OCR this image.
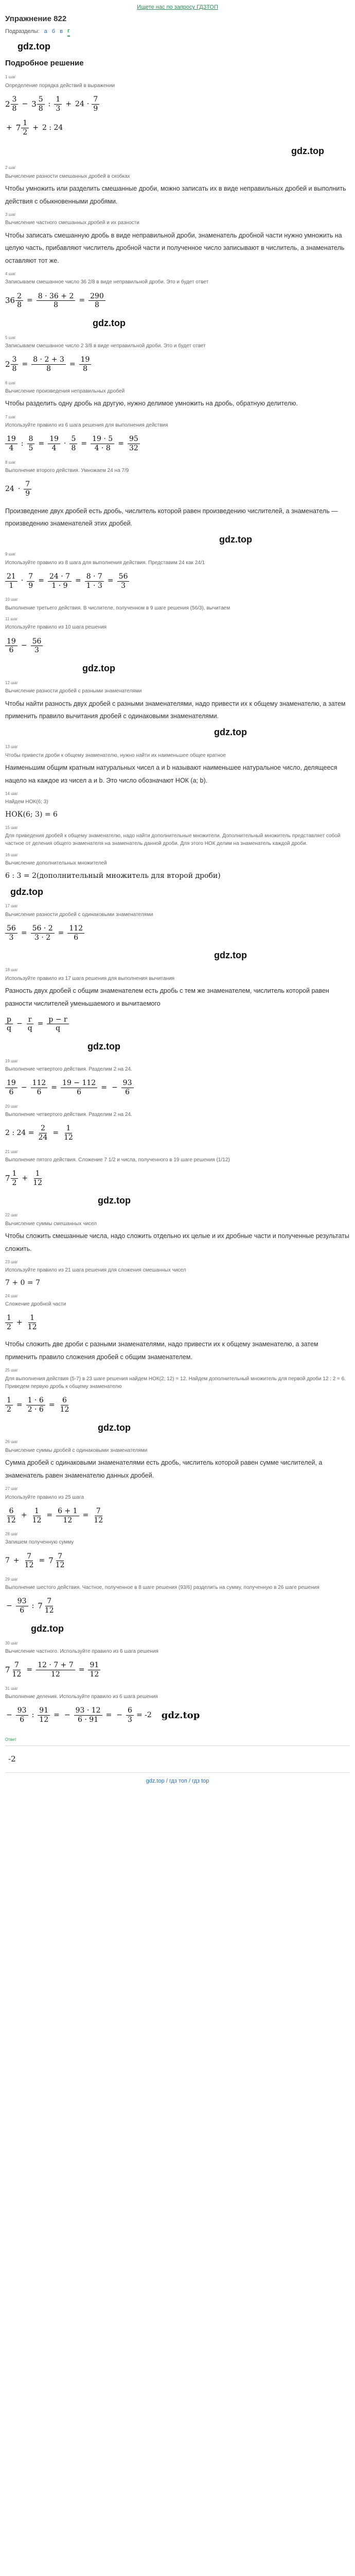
Ищете нас по запросу ГДЗТОП
Упражнение 822
Подразделы: а б в г
gdz.top
Подробное решение
1 шаг
Определение порядка действий в выражении
$2 \frac{3}{8} - 3 \frac{5}{8}$ : $\frac{1}{3} + 24 \cdot \frac{7}{9}$
+ $7 \frac{1}{2} + 2$ : 24
gdz.top
2 шаг
Вычисление разности смешанных дробей в скобках
Чтобы умножить или разделить смешанные дроби, можно записать их в виде неправильных дробей и выполнить действия с обыкновенными дробями.
3 шаг
Вычисление частного смешанных дробей и их разности
Чтобы записать смешанную дробь в виде неправильной дроби, знаменатель дробной части нужно умножить на целую часть, прибавляют числитель дробной части и полученное число записывают в числитель, а знаменатель оставляют тот же.
4 шаг
Записываем смешанное число 36 2/8 в виде неправильной дроби. Это и будет ответ
$36 \frac{2}{8} = \frac{8 \cdot 36 + 2}{8} = \frac{290}{8}$
gdz.top
5 шаг
Записываем смешанное число 2 3/8 в виде неправильной дроби. Это и будет ответ
$2 \frac{3}{8} = \frac{8 \cdot 2 + 3}{8} = \frac{19}{8}$
6 шаг
Вычисление произведения неправильных дробей
Чтобы разделить одну дробь на другую, нужно делимое умножить на дробь, обратную делителю.
7 шаг
Используйте правило из 6 шага решения для выполнения действия
$\frac{19}{4}$ : $\frac{8}{5} = \frac{19}{4} \cdot \frac{5}{8} = \frac{19 \cdot 5}{4 \cdot 8} = \frac{95}{32}$
8 шаг
Выполнение второго действия. Умножаем 24 на 7/9
$24 \cdot \frac{7}{9}$
Произведение двух дробей есть дробь, числитель которой равен произведению числителей, а знаменатель — произведению знаменателей этих дробей.
gdz.top
9 шаг
Используйте правило из 8 шага для выполнения действия. Представим 24 как 24/1
$\frac{21}{1} \cdot \frac{7}{9} = \frac{24 \cdot 7}{1 \cdot 9} = \frac{8 \cdot 7}{1 \cdot 3} = \frac{56}{3}$
10 шаг
Выполнение третьего действия. В числителе, полученном в 9 шаге решения (56/3), вычитаем
11 шаг
Используйте правило из 10 шага решения
$\frac{19}{6} - \frac{56}{3}$
gdz.top
12 шаг
Вычисление разности дробей с разными знаменателями
Чтобы найти разность двух дробей с разными знаменателями, надо привести их к общему знаменателю, а затем применить правило вычитания дробей с одинаковыми знаменателями.
gdz.top
13 шаг
Чтобы привести дроби к общему знаменателю, нужно найти их наименьшее общее кратное
Наименьшим общим кратным натуральных чисел a и b называют наименьшее натуральное число, делящееся нацело на каждое из чисел a и b. Это число обозначают НОК (a; b).
14 шаг
Найдем НОК(6; 3)
НОК(6; 3) = 6
15 шаг
Для приведения дробей к общему знаменателю, надо найти дополнительные множители. Дополнительный множитель представляет собой частное от деления общего знаменателя на знаменатель данной дроби. Для этого НОК делим на знаменатель каждой дроби.
16 шаг
Вычисление дополнительных множителей
6 : 3 = 2(дополнительный множитель для второй дроби)
gdz.top
17 шаг
Вычисление разности дробей с одинаковыми знаменателями
$\frac{56}{3} = \frac{56 \cdot 2}{3 \cdot 2} = \frac{112}{6}$
gdz.top
18 шаг
Используйте правило из 17 шага решения для выполнения вычитания
Разность двух дробей с общим знаменателем есть дробь с тем же знаменателем, числитель которой равен разности числителей уменьшаемого и вычитаемого
$\frac{p}{q} - \frac{r}{q} = \frac{p - r}{q}$
gdz.top
19 шаг
Выполнение четвертого действия. Разделим 2 на 24.
$\frac{19}{6} - \frac{112}{6} = \frac{19 - 112}{6}$ = − $\frac{93}{6}$
20 шаг
Выполнение четвертого действия. Разделим 2 на 24.
2 : $24 = \frac{2}{24} = \frac{1}{12}$
21 шаг
Выполнение пятого действия. Сложение 7 1/2 и числа, полученного в 19 шаге решения (1/12)
$7 \frac{1}{2} + \frac{1}{12}$
gdz.top
22 шаг
Вычисление суммы смешанных чисел
Чтобы сложить смешанные числа, надо сложить отдельно их целые и их дробные части и полученные результаты сложить.
23 шаг
Используйте правило из 21 шага решения для сложения смешанных чисел
7 + 0 = 7
24 шаг
Сложение дробной части
$\frac{1}{2} + \frac{1}{12}$
Чтобы сложить две дроби с разными знаменателями, надо привести их к общему знаменателю, а затем применить правило сложения дробей с общим знаменателем.
25 шаг
Для выполнения действия (5-7) в 23 шаге решения найдем НОК(2; 12) = 12. Найдем дополнительный множитель для первой дроби 12 : 2 = 6. Приведем первую дробь к общему знаменателю
$\frac{1}{2} = \frac{1 \cdot 6}{2 \cdot 6} = \frac{6}{12}$
gdz.top
26 шаг
Вычисление суммы дробей с одинаковыми знаменателями
Сумма дробей с одинаковыми знаменателями есть дробь, числитель которой равен сумме числителей, а знаменатель равен знаменателю данных дробей.
27 шаг
Используйте правило из 25 шага
$\frac{6}{12} + \frac{1}{12} = \frac{6 + 1}{12} = \frac{7}{12}$
28 шаг
Запишем полученную сумму
$7 + \frac{7}{12} = 7 \frac{7}{12}$
29 шаг
Выполнение шестого действия. Частное, полученное в 8 шаге решения (93/6) разделить на сумму, полученную в 26 шаге решения
− $\frac{93}{6}$ : $7 \frac{7}{12}$
gdz.top
30 шаг
Вычисление частного. Используйте правило из 6 шага решения
$7 \frac{7}{12} = \frac{12 \cdot 7 + 7}{12} = \frac{91}{12}$
31 шаг
Выполнение деления. Используйте правило из 6 шага решения
− $\frac{93}{6}$ : $\frac{91}{12}$ = − $\frac{93 \cdot 12}{6 \cdot 91}$ = − $\frac{6}{3} = -2$ gdz.top
Ответ
-2
gdz.top / гдз топ / гдз top
